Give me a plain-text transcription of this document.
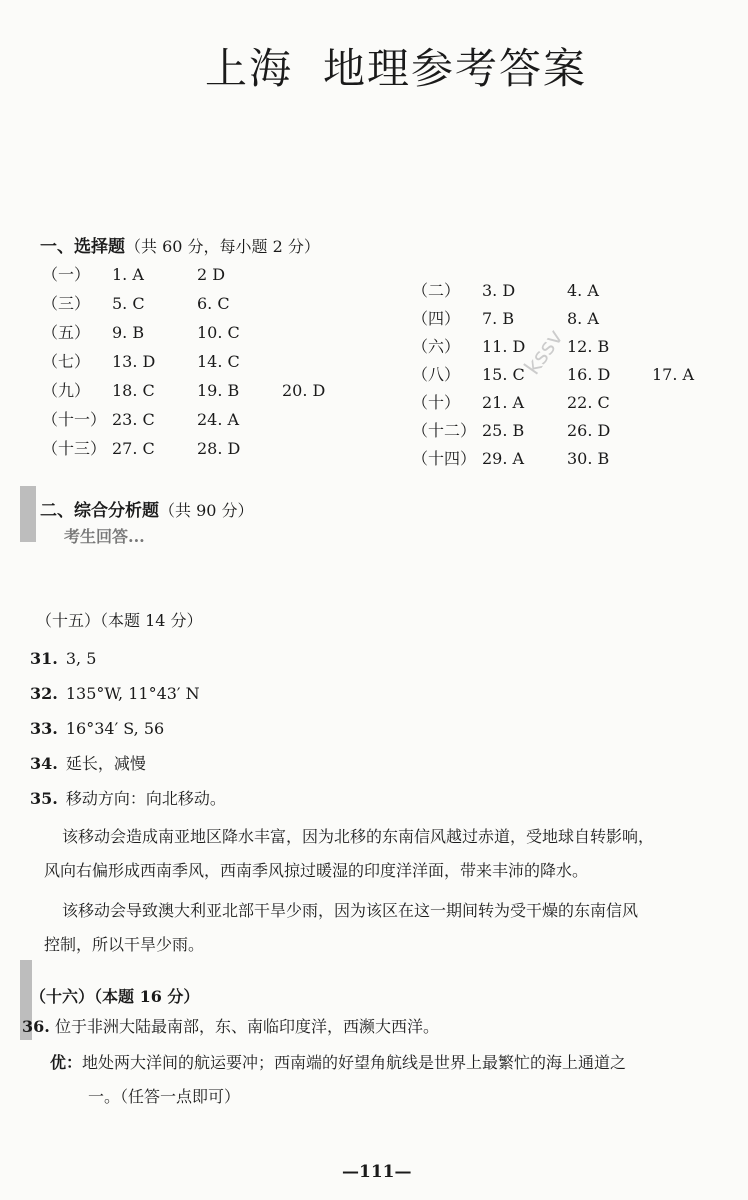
上海 地理参考答案
一、选择题（共 60 分，每小题 2 分）
（一） 1. A	2 D
（三） 5. C	6. C
（五） 9. B	10. C
（七） 13. D	14. C
（九） 18. C	19. B	20. D
（十一） 23. C	24. A
（十三） 27. C	28. D
（二） 3. D	4. A
（四） 7. B	8. A
（六） 11. D	12. B
（八） 15. C	16. D	17. A
（十） 21. A	22. C
（十二） 25. B	26. D
（十四） 29. A	30. B
kssv
二、综合分析题（共 90 分）
考生回答...
（十五）（本题 14 分）
31. 3, 5
32. 135°W, 11°43′ N
33. 16°34′ S, 56
34. 延长，减慢
35. 移动方向：向北移动。
该移动会造成南亚地区降水丰富，因为北移的东南信风越过赤道，受地球自转影响，
风向右偏形成西南季风，西南季风掠过暖湿的印度洋洋面，带来丰沛的降水。
该移动会导致澳大利亚北部干旱少雨，因为该区在这一期间转为受干燥的东南信风
控制，所以干旱少雨。
（十六）（本题 16 分）
36. 位于非洲大陆最南部，东、南临印度洋，西濒大西洋。
优：地处两大洋间的航运要冲；西南端的好望角航线是世界上最繁忙的海上通道之
一。（任答一点即可）
—111—
